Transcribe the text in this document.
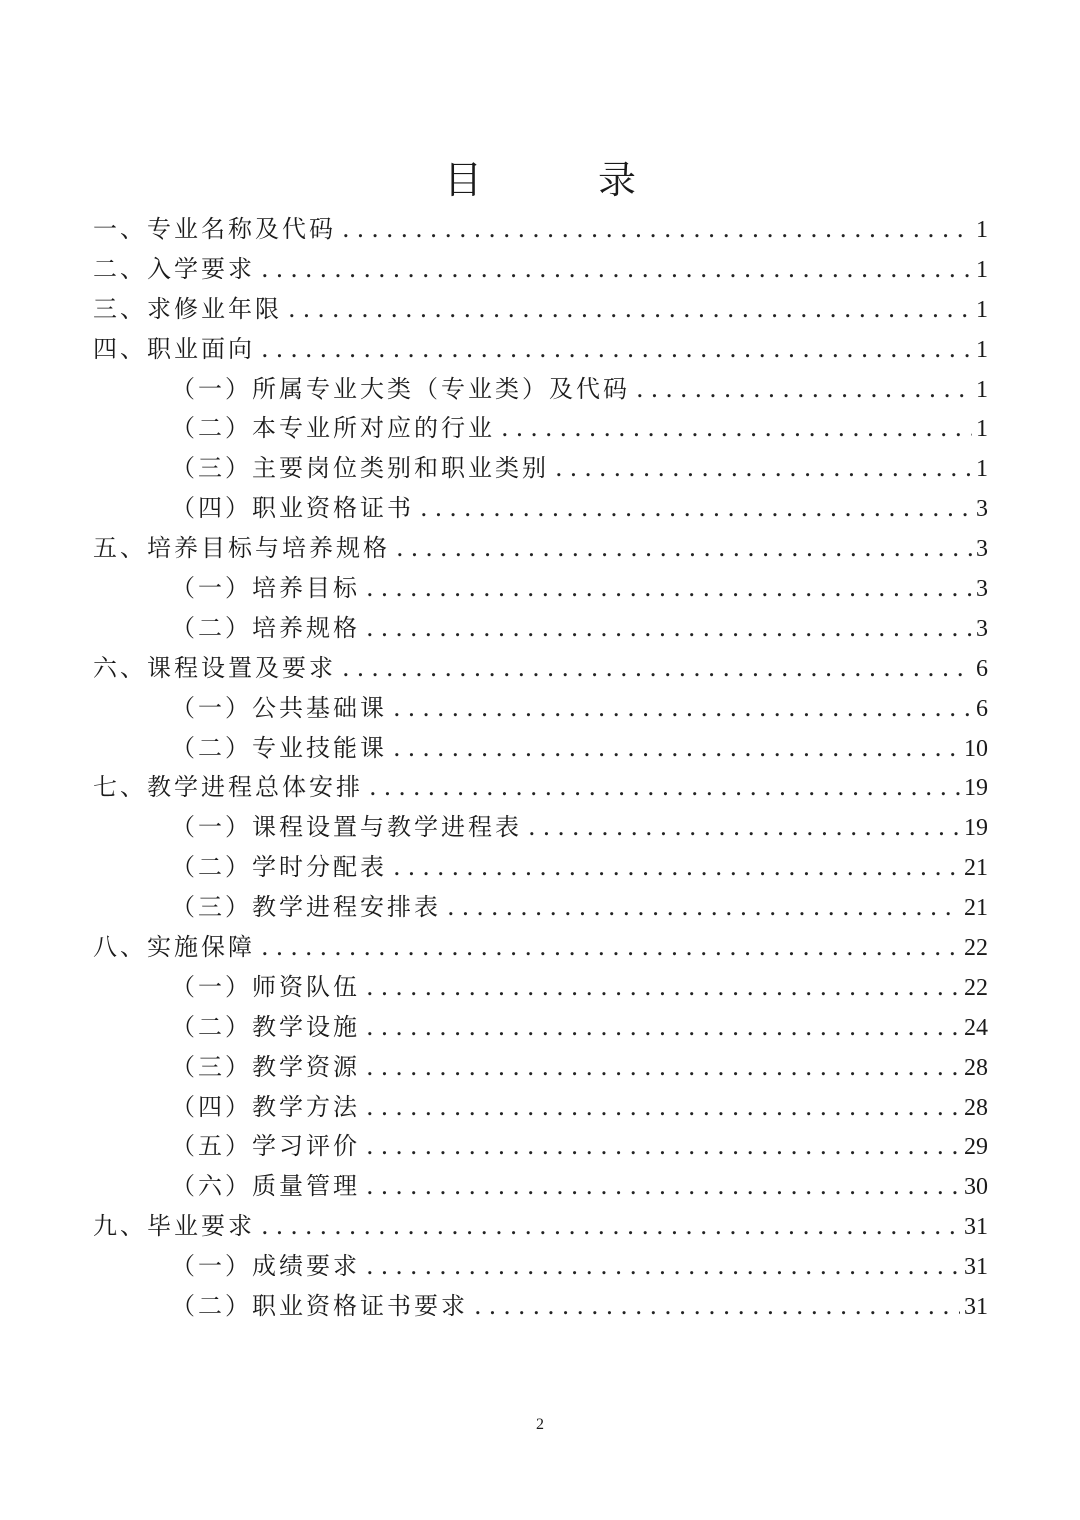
目 录
一、专业名称及代码 .....	1
二、入学要求 .....	1
三、求修业年限 .....	1
四、职业面向 .....	1
（一）所属专业大类（专业类）及代码 .....	1
（二）本专业所对应的行业 .....	1
（三）主要岗位类别和职业类别 .....	1
（四）职业资格证书 .....	3
五、培养目标与培养规格 .....	3
（一）培养目标 .....	3
（二）培养规格 .....	3
六、课程设置及要求 .....	6
（一）公共基础课 .....	6
（二）专业技能课 .....	10
七、教学进程总体安排 .....	19
（一）课程设置与教学进程表 .....	19
（二）学时分配表 .....	21
（三）教学进程安排表 .....	21
八、实施保障 .....	22
（一）师资队伍 .....	22
（二）教学设施 .....	24
（三）教学资源 .....	28
（四）教学方法 .....	28
（五）学习评价 .....	29
（六）质量管理 .....	30
九、毕业要求 .....	31
（一）成绩要求 .....	31
（二）职业资格证书要求 .....	31
2
